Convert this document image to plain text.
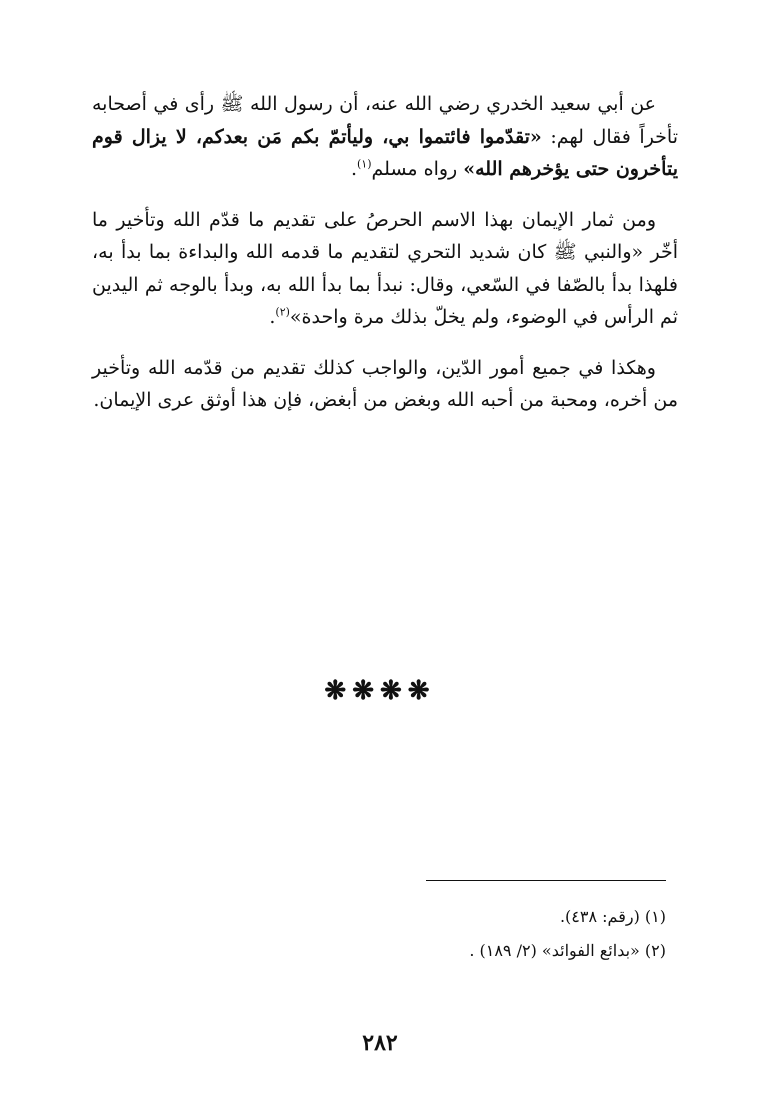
عن أبي سعيد الخدري رضي الله عنه، أن رسول الله ﷺ رأى في أصحابه تأخراً فقال لهم: «تقدّموا فائتموا بي، وليأتمّ بكم مَن بعدكم، لا يزال قوم يتأخرون حتى يؤخرهم الله» رواه مسلم$^{(١)}$.

ومن ثمار الإيمان بهذا الاسم الحرصُ على تقديم ما قدّم الله وتأخير ما أخّر «والنبي ﷺ كان شديد التحري لتقديم ما قدمه الله والبداءة بما بدأ به، فلهذا بدأ بالصّفا في السّعي، وقال: نبدأ بما بدأ الله به، وبدأ بالوجه ثم اليدين ثم الرأس في الوضوء، ولم يخلّ بذلك مرة واحدة»$^{(٢)}$.

وهكذا في جميع أمور الدّين، والواجب كذلك تقديم من قدّمه الله وتأخير من أخره، ومحبة من أحبه الله وبغض من أبغض، فإن هذا أوثق عرى الإيمان.

❋❋❋❋

(١) (رقم: ٤٣٨).

(٢) «بدائع الفوائد» (٢/ ١٨٩) .

٢٨٢
